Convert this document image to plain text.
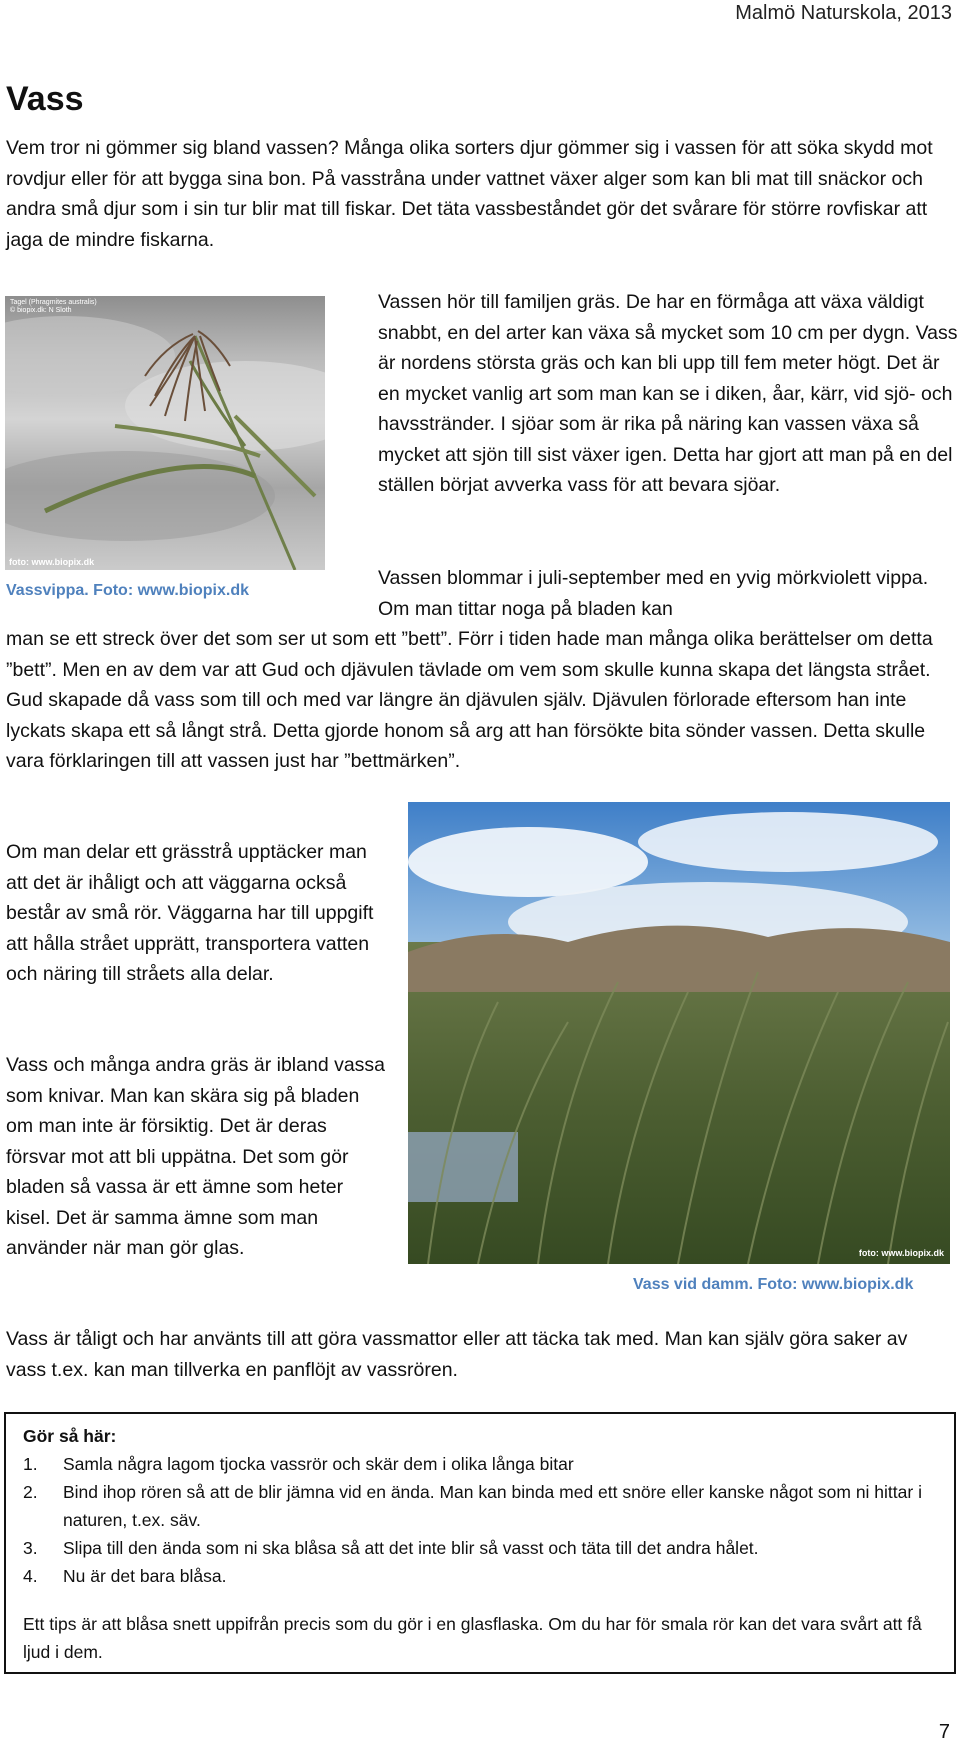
Malmö Naturskola, 2013
Vass
Vem tror ni gömmer sig bland vassen? Många olika sorters djur gömmer sig i vassen för att söka skydd mot rovdjur eller för att bygga sina bon. På vasstråna under vattnet växer alger som kan bli mat till snäckor och andra små djur som i sin tur blir mat till fiskar. Det täta vassbeståndet gör det svårare för större rovfiskar att jaga de mindre fiskarna.
Tagel (Phragmites australis) © biopix.dk: N Sloth
foto: www.biopix.dk
Vassen hör till familjen gräs. De har en förmåga att växa väldigt snabbt, en del arter kan växa så mycket som 10 cm per dygn. Vass är nordens största gräs och kan bli upp till fem meter högt. Det är en mycket vanlig art som man kan se i diken, åar, kärr, vid sjö- och havsstränder. I sjöar som är rika på näring kan vassen växa så mycket att sjön till sist växer igen. Detta har gjort att man på en del ställen börjat avverka vass för att bevara sjöar.
Vassvippa. Foto: www.biopix.dk
Vassen blommar i juli-september med en yvig mörkviolett vippa. Om man tittar noga på bladen kan
man se ett streck över det som ser ut som ett ”bett”. Förr i tiden hade man många olika berättelser om detta ”bett”. Men en av dem var att Gud och djävulen tävlade om vem som skulle kunna skapa det längsta strået. Gud skapade då vass som till och med var längre än djävulen själv. Djävulen förlorade eftersom han inte lyckats skapa ett så långt strå. Detta gjorde honom så arg att han försökte bita sönder vassen. Detta skulle vara förklaringen till att vassen just har ”bettmärken”.
foto: www.biopix.dk
Om man delar ett grässtrå upptäcker man att det är ihåligt och att väggarna också består av små rör. Väggarna har till uppgift att hålla strået upprätt, transportera vatten och näring till stråets alla delar.
Vass och många andra gräs är ibland vassa som knivar. Man kan skära sig på bladen om man inte är försiktig. Det är deras försvar mot att bli uppätna. Det som gör bladen så vassa är ett ämne som heter kisel. Det är samma ämne som man använder när man gör glas.
Vass vid damm. Foto: www.biopix.dk
Vass är tåligt och har använts till att göra vassmattor eller att täcka tak med. Man kan själv göra saker av vass t.ex. kan man tillverka en panflöjt av vassrören.
Gör så här:
1. Samla några lagom tjocka vassrör och skär dem i olika långa bitar
2. Bind ihop rören så att de blir jämna vid en ända. Man kan binda med ett snöre eller kanske något som ni hittar i naturen, t.ex. säv.
3. Slipa till den ända som ni ska blåsa så att det inte blir så vasst och täta till det andra hålet.
4. Nu är det bara blåsa.
Ett tips är att blåsa snett uppifrån precis som du gör i en glasflaska. Om du har för smala rör kan det vara svårt att få ljud i dem.
7
